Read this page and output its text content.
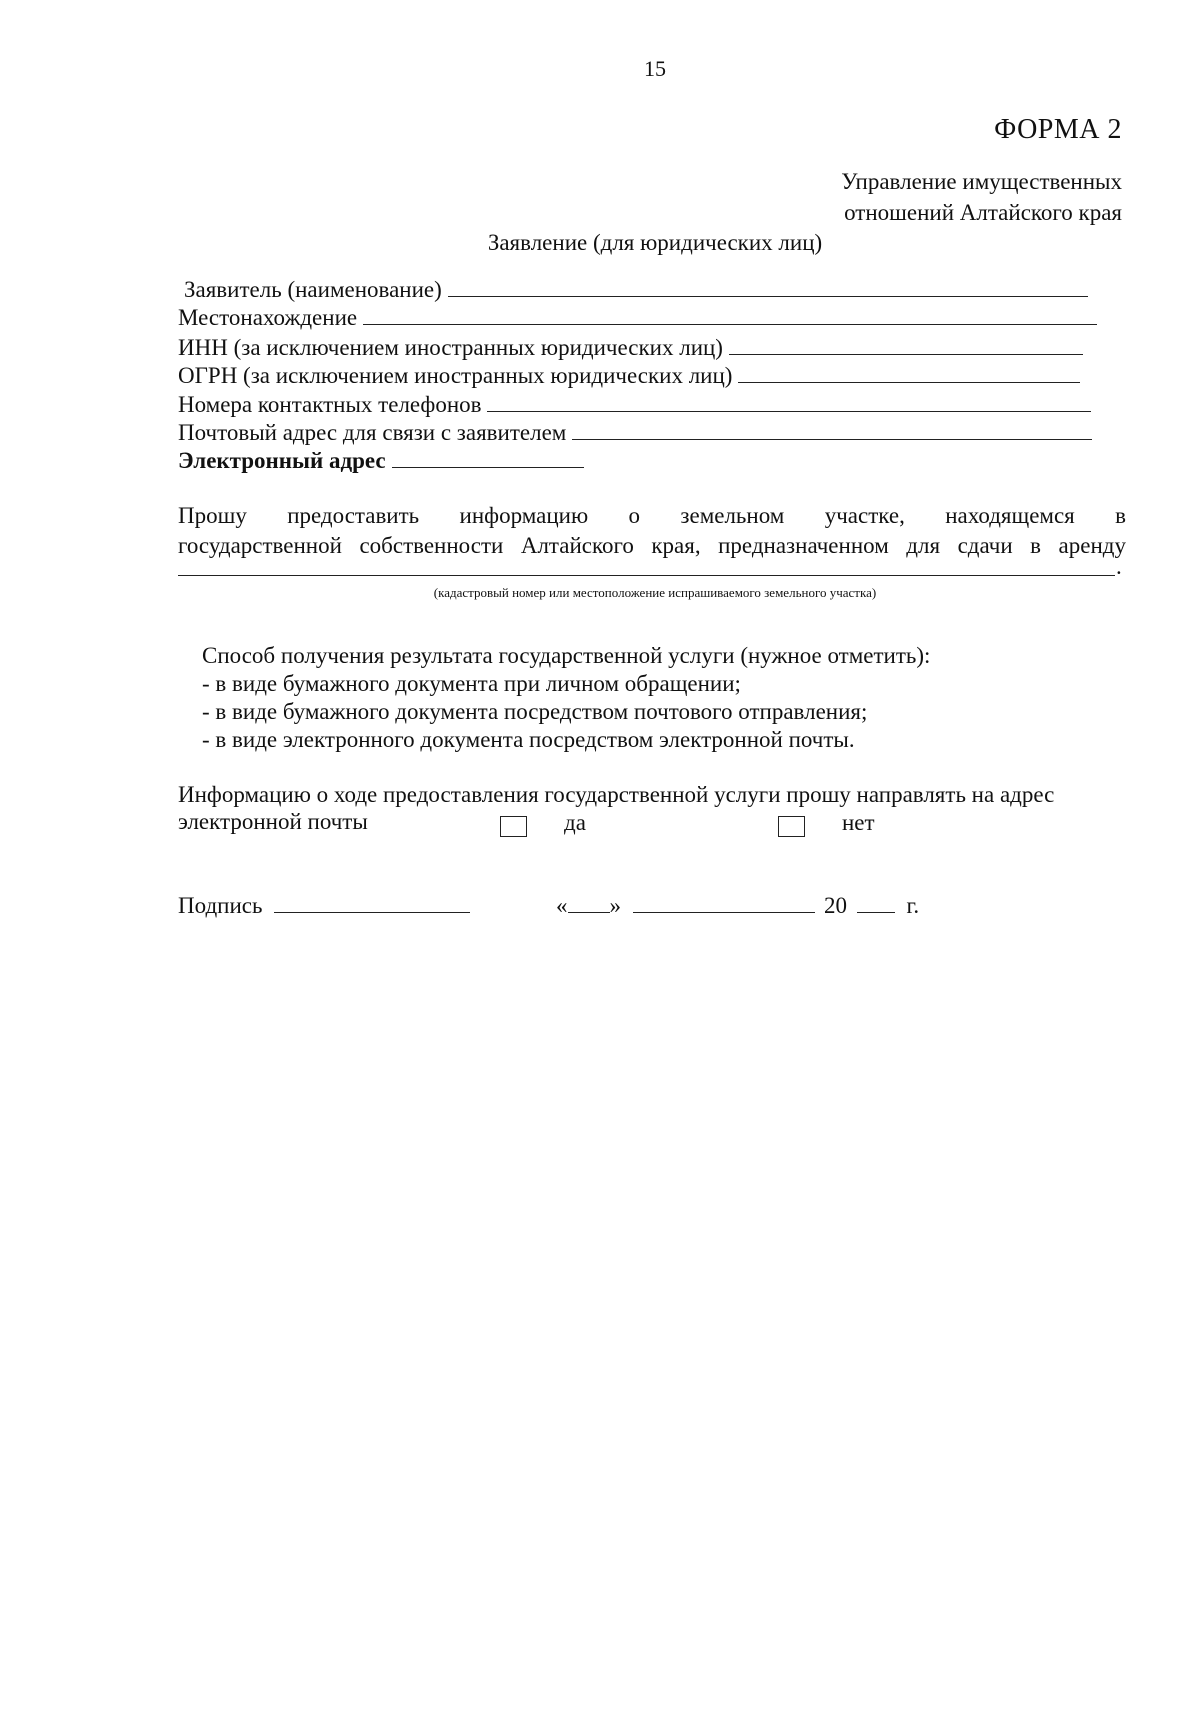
15
ФОРМА 2
Управление имущественных
отношений Алтайского края
Заявление (для юридических лиц)
Заявитель (наименование)
Местонахождение
ИНН (за исключением иностранных юридических лиц)
ОГРН (за исключением иностранных юридических лиц)
Номера контактных телефонов
Почтовый адрес для связи с заявителем
Электронный адрес
Прошу предоставить информацию о земельном участке, находящемся в
государственной собственности Алтайского края, предназначенном для сдачи в аренду
.
(кадастровый номер или местоположение испрашиваемого земельного участка)
Способ получения результата государственной услуги (нужное отметить):
- в виде бумажного документа при личном обращении;
- в виде бумажного документа посредством почтового отправления;
- в виде электронного документа посредством электронной почты.
Информацию о ходе предоставления государственной услуги прошу направлять на адрес
электронной почты	да	нет
Подпись	« »	20	г.
